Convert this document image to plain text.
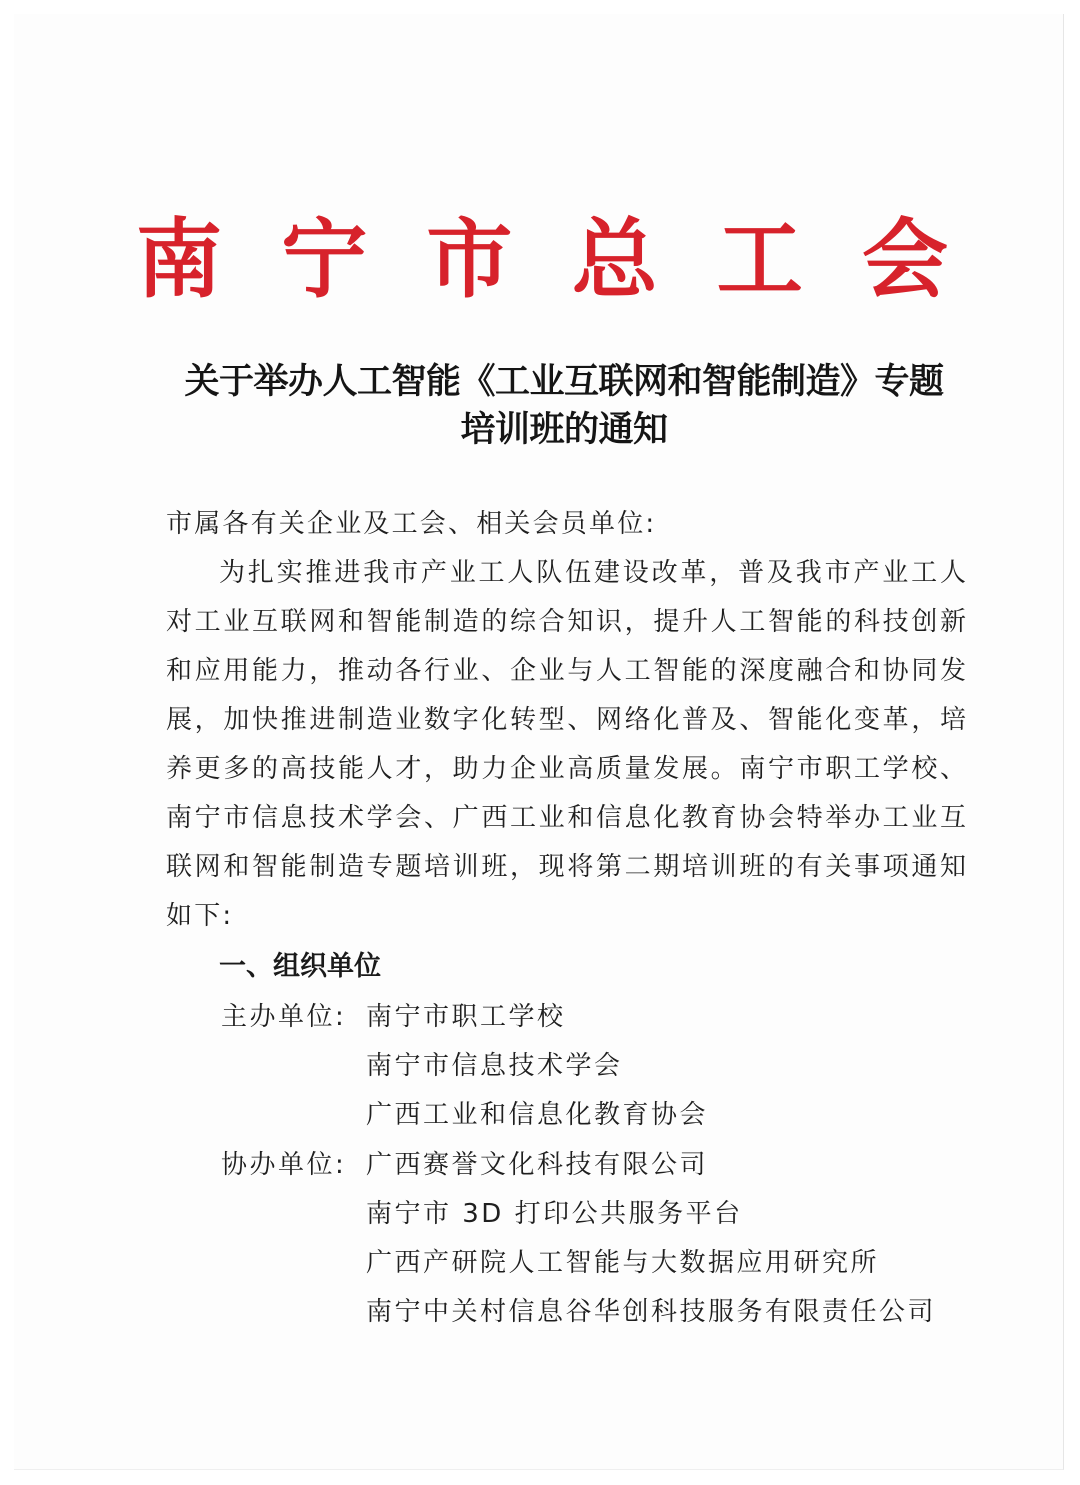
南 宁 市 总 工 会
关于举办人工智能《工业互联网和智能制造》专题
培训班的通知
市属各有关企业及工会、相关会员单位:
为扎实推进我市产业工人队伍建设改革，普及我市产业工人
对工业互联网和智能制造的综合知识，提升人工智能的科技创新
和应用能力，推动各行业、企业与人工智能的深度融合和协同发
展，加快推进制造业数字化转型、网络化普及、智能化变革，培
养更多的高技能人才，助力企业高质量发展。南宁市职工学校、
南宁市信息技术学会、广西工业和信息化教育协会特举办工业互
联网和智能制造专题培训班，现将第二期培训班的有关事项通知
如下:
一、组织单位
主办单位: 南宁市职工学校
南宁市信息技术学会
广西工业和信息化教育协会
协办单位: 广西赛誉文化科技有限公司
南宁市 3D 打印公共服务平台
广西产研院人工智能与大数据应用研究所
南宁中关村信息谷华创科技服务有限责任公司
